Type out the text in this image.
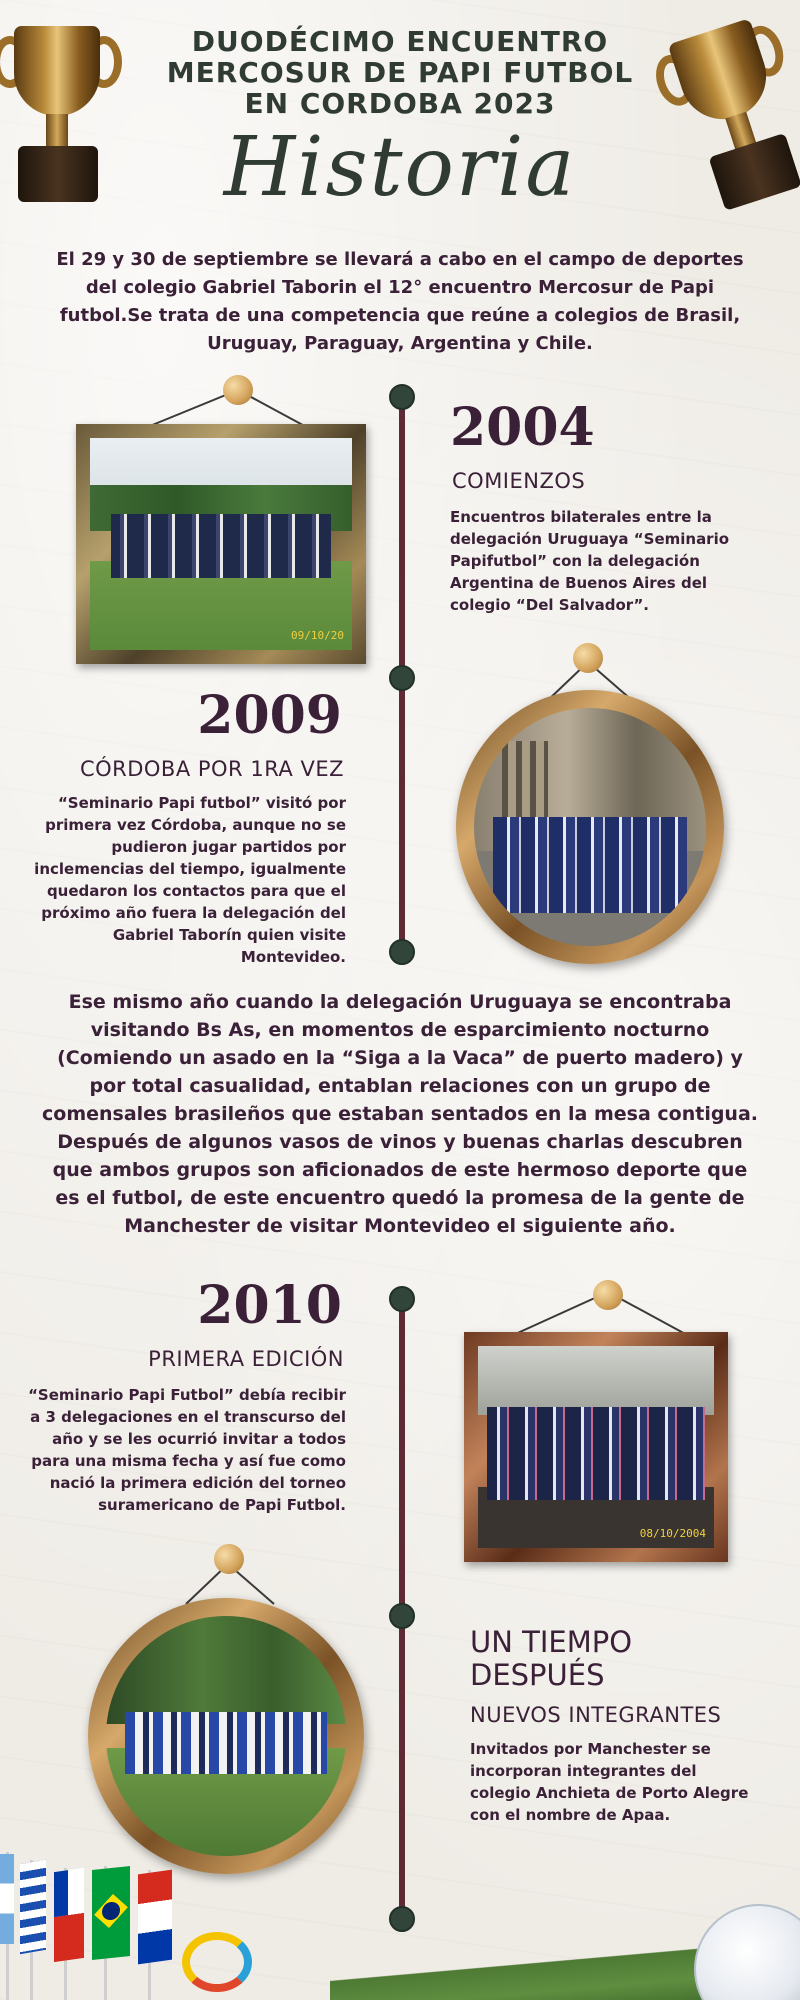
DUODÉCIMO ENCUENTRO
MERCOSUR DE PAPI FUTBOL
EN CORDOBA 2023
Historia
El 29 y 30 de septiembre se llevará a cabo en el campo de deportes del colegio Gabriel Taborin el 12° encuentro Mercosur de Papi futbol.Se trata de una competencia que reúne a colegios de Brasil, Uruguay, Paraguay, Argentina y Chile.
09/10/20
2004
COMIENZOS
Encuentros bilaterales entre la delegación Uruguaya “Seminario Papifutbol” con la delegación Argentina de Buenos Aires del colegio “Del Salvador”.
2009
CÓRDOBA POR 1RA VEZ
“Seminario Papi futbol” visitó por primera vez Córdoba, aunque no se pudieron jugar partidos por inclemencias del tiempo, igualmente quedaron los contactos para que el próximo año fuera la delegación del Gabriel Taborín quien visite Montevideo.
Ese mismo año cuando la delegación Uruguaya se encontraba visitando Bs As, en momentos de esparcimiento nocturno (Comiendo un asado en la “Siga a la Vaca” de puerto madero) y por total casualidad, entablan relaciones con un grupo de comensales brasileños que estaban sentados en la mesa contigua. Después de algunos vasos de vinos y buenas charlas descubren que ambos grupos son aficionados de este hermoso deporte que es el futbol, de este encuentro quedó la promesa de la gente de Manchester de visitar Montevideo el siguiente año.
2010
PRIMERA EDICIÓN
“Seminario Papi Futbol” debía recibir a 3 delegaciones en el transcurso del año y se les ocurrió invitar a todos para una misma fecha y así fue como nació la primera edición del torneo suramericano de Papi Futbol.
08/10/2004
UN TIEMPO DESPUÉS
NUEVOS INTEGRANTES
Invitados por Manchester se incorporan integrantes del colegio Anchieta de Porto Alegre con el nombre de Apaa.
